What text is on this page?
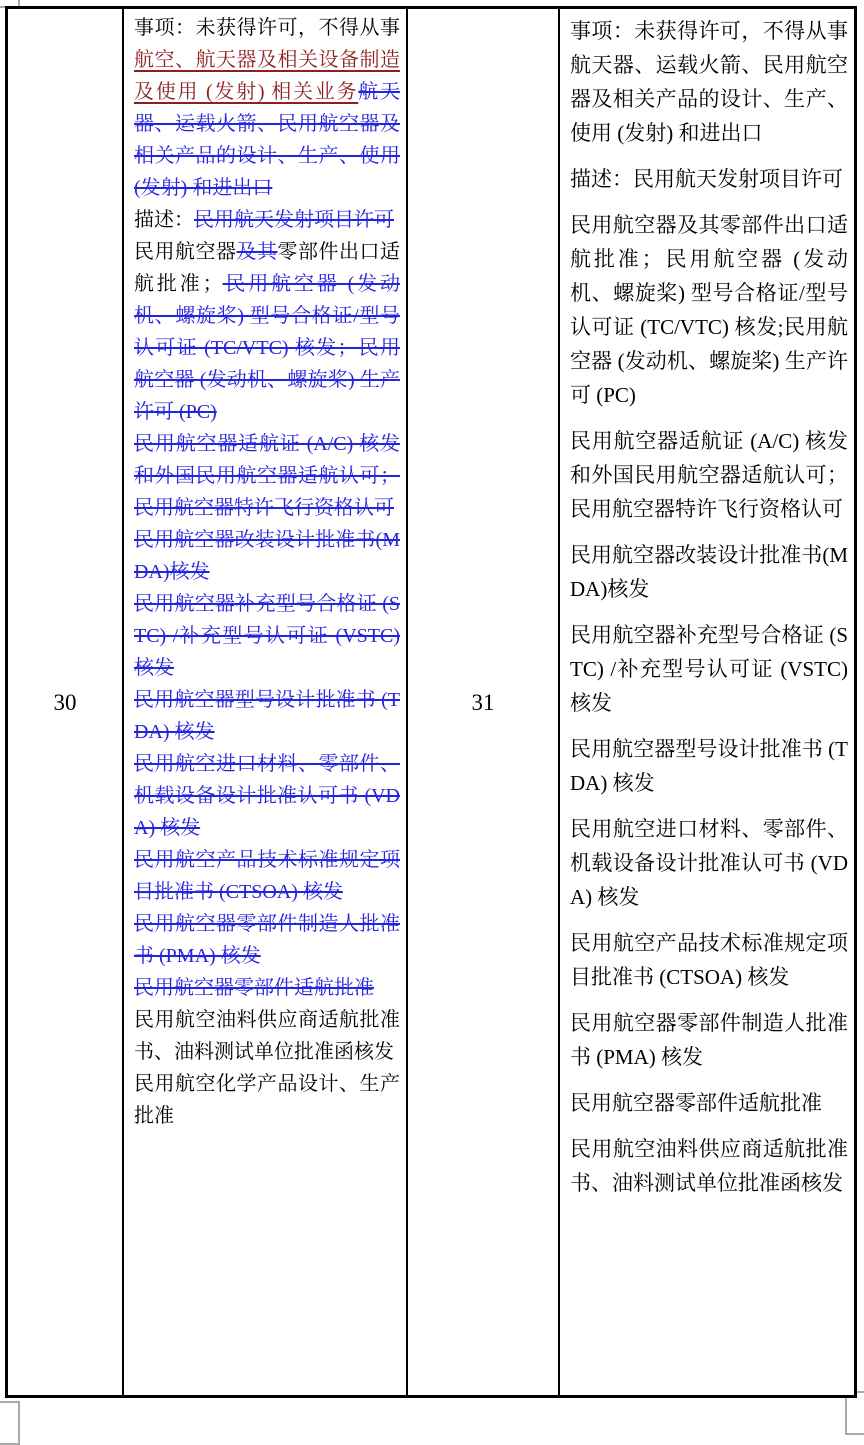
30

事项：未获得许可，不得从事航空、航天器及相关设备制造及使用 (发射) 相关业务航天器、运载火箭、民用航空器及相关产品的设计、生产、使用 (发射) 和进出口

描述：民用航天发射项目许可

民用航空器及其零部件出口适航批准；民用航空器 (发动机、螺旋桨) 型号合格证/型号认可证 (TC/VTC) 核发；民用航空器 (发动机、螺旋桨) 生产许可 (PC)

民用航空器适航证 (A/C) 核发和外国民用航空器适航认可；民用航空器特许飞行资格认可

民用航空器改装设计批准书(MDA)核发

民用航空器补充型号合格证 (STC) /补充型号认可证 (VSTC) 核发

民用航空器型号设计批准书 (TDA) 核发

民用航空进口材料、零部件、机载设备设计批准认可书 (VDA) 核发

民用航空产品技术标准规定项目批准书 (CTSOA) 核发

民用航空器零部件制造人批准书 (PMA) 核发

民用航空器零部件适航批准

民用航空油料供应商适航批准书、油料测试单位批准函核发

民用航空化学产品设计、生产批准

31

事项：未获得许可，不得从事航天器、运载火箭、民用航空器及相关产品的设计、生产、使用 (发射) 和进出口

描述：民用航天发射项目许可

民用航空器及其零部件出口适航批准；民用航空器 (发动机、螺旋桨) 型号合格证/型号认可证 (TC/VTC) 核发;民用航空器 (发动机、螺旋桨) 生产许可 (PC)

民用航空器适航证 (A/C) 核发和外国民用航空器适航认可；民用航空器特许飞行资格认可

民用航空器改装设计批准书(MDA)核发

民用航空器补充型号合格证 (STC) /补充型号认可证 (VSTC) 核发

民用航空器型号设计批准书 (TDA) 核发

民用航空进口材料、零部件、机载设备设计批准认可书 (VDA) 核发

民用航空产品技术标准规定项目批准书 (CTSOA) 核发

民用航空器零部件制造人批准书 (PMA) 核发

民用航空器零部件适航批准

民用航空油料供应商适航批准书、油料测试单位批准函核发
